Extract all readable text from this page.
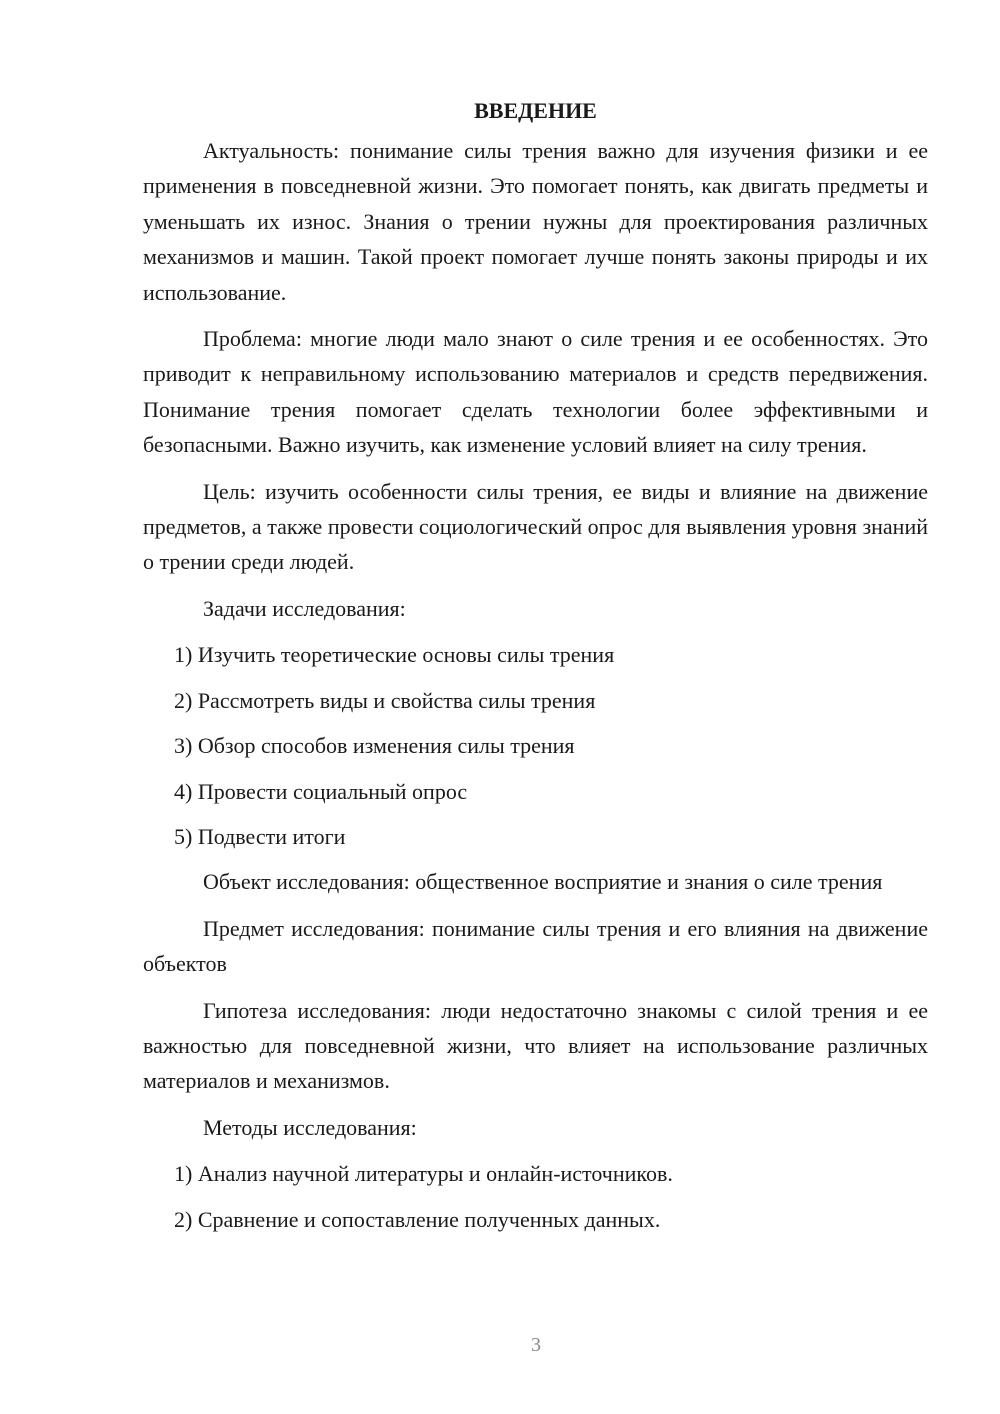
ВВЕДЕНИЕ

Актуальность: понимание силы трения важно для изучения физики и ее применения в повседневной жизни. Это помогает понять, как двигать предметы и уменьшать их износ. Знания о трении нужны для проектирования различных механизмов и машин. Такой проект помогает лучше понять законы природы и их использование.

Проблема: многие люди мало знают о силе трения и ее особенностях. Это приводит к неправильному использованию материалов и средств передвижения. Понимание трения помогает сделать технологии более эффективными и безопасными. Важно изучить, как изменение условий влияет на силу трения.

Цель: изучить особенности силы трения, ее виды и влияние на движение предметов, а также провести социологический опрос для выявления уровня знаний о трении среди людей.

Задачи исследования:

1) Изучить теоретические основы силы трения

2) Рассмотреть виды и свойства силы трения

3) Обзор способов изменения силы трения

4) Провести социальный опрос

5) Подвести итоги

Объект исследования: общественное восприятие и знания о силе трения

Предмет исследования: понимание силы трения и его влияния на движение объектов

Гипотеза исследования: люди недостаточно знакомы с силой трения и ее важностью для повседневной жизни, что влияет на использование различных материалов и механизмов.

Методы исследования:

1) Анализ научной литературы и онлайн-источников.

2) Сравнение и сопоставление полученных данных.

3
